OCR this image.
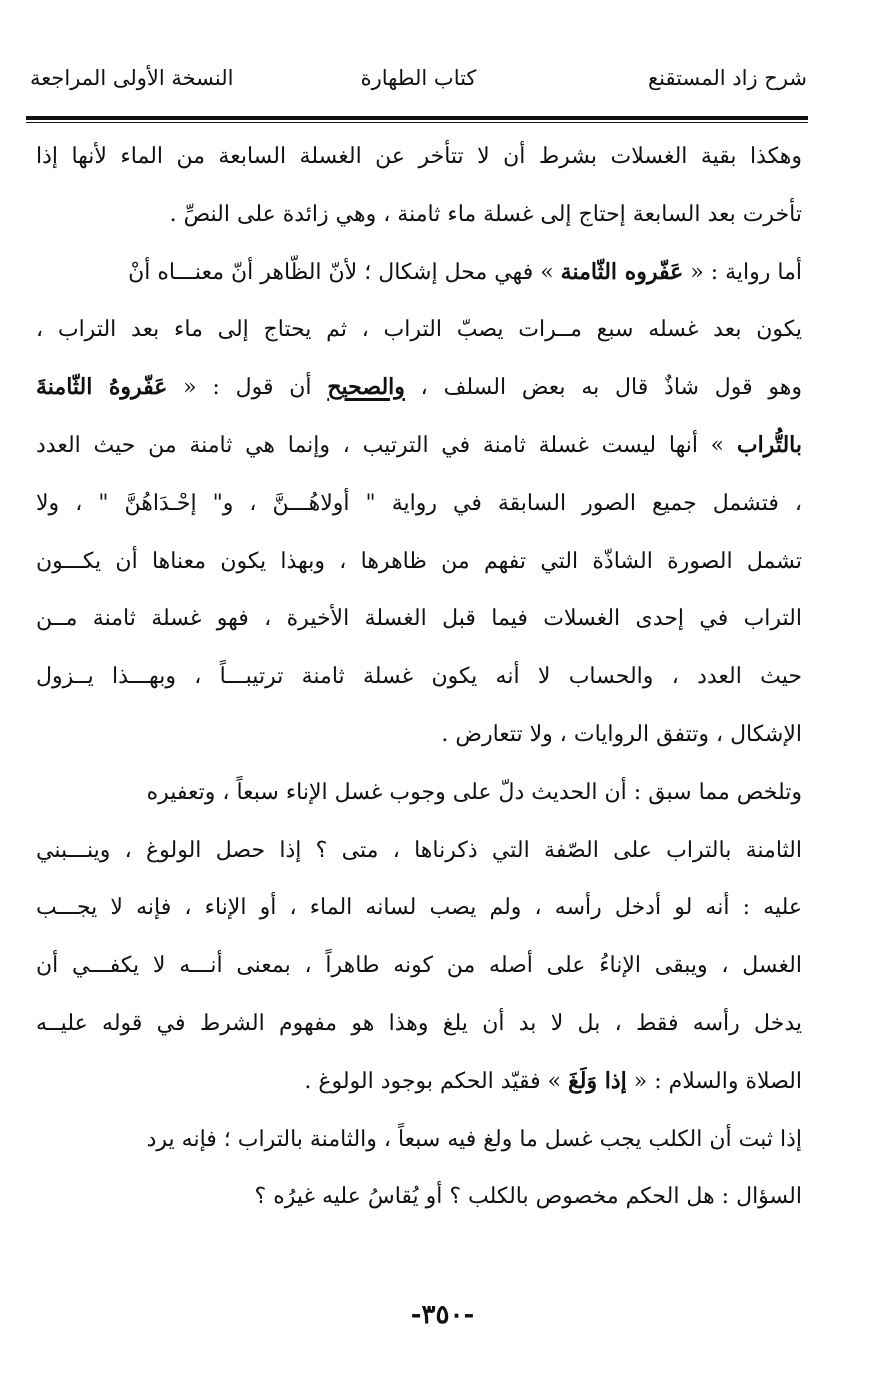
شرح زاد المستقنع
كتاب الطهارة
النسخة الأولى المراجعة
وهكذا بقية الغسلات بشرط أن لا تتأخر عن الغسلة السابعة من الماء لأنها إذا
تأخرت بعد السابعة إحتاج إلى غسلة ماء ثامنة ، وهي زائدة على النصِّ .
أما رواية : « عَفّروه الثّامنة » فهي محل إشكال ؛ لأنّ الظّاهر أنّ معنـــاه أنْ
يكون بعد غسله سبع مــرات يصبّ التراب ، ثم يحتاج إلى ماء بعد التراب ،
وهو قول شاذٌ قال به بعض السلف ، والصحيح أن قول : « عَفّروهُ الثّامنةَ
بالتُّراب » أنها ليست غسلة ثامنة في الترتيب ، وإنما هي ثامنة من حيث العدد
، فتشمل جميع الصور السابقة في رواية " أولاهُـــنَّ ، و" إحْـدَاهُنَّ " ، ولا
تشمل الصورة الشاذّة التي تفهم من ظاهرها ، وبهذا يكون معناها أن يكـــون
التراب في إحدى الغسلات فيما قبل الغسلة الأخيرة ، فهو غسلة ثامنة مــن
حيث العدد ، والحساب لا أنه يكون غسلة ثامنة ترتيبـــاً ، وبهـــذا يــزول
الإشكال ، وتتفق الروايات ، ولا تتعارض .
وتلخص مما سبق : أن الحديث دلّ على وجوب غسل الإناء سبعاً ، وتعفيره
الثامنة بالتراب على الصّفة التي ذكرناها ، متى ؟ إذا حصل الولوغ ، وينـــبني
عليه : أنه لو أدخل رأسه ، ولم يصب لسانه الماء ، أو الإناء ، فإنه لا يجـــب
الغسل ، ويبقى الإناءُ على أصله من كونه طاهراً ، بمعنى أنـــه لا يكفـــي أن
يدخل رأسه فقط ، بل لا بد أن يلغ وهذا هو مفهوم الشرط في قوله عليــه
الصلاة والسلام : « إذا وَلَغَ » فقيّد الحكم بوجود الولوغ .
إذا ثبت أن الكلب يجب غسل ما ولغ فيه سبعاً ، والثامنة بالتراب ؛ فإنه يرد
السؤال : هل الحكم مخصوص بالكلب ؟ أو يُقاسُ عليه غيرُه ؟
-٣٥٠-
